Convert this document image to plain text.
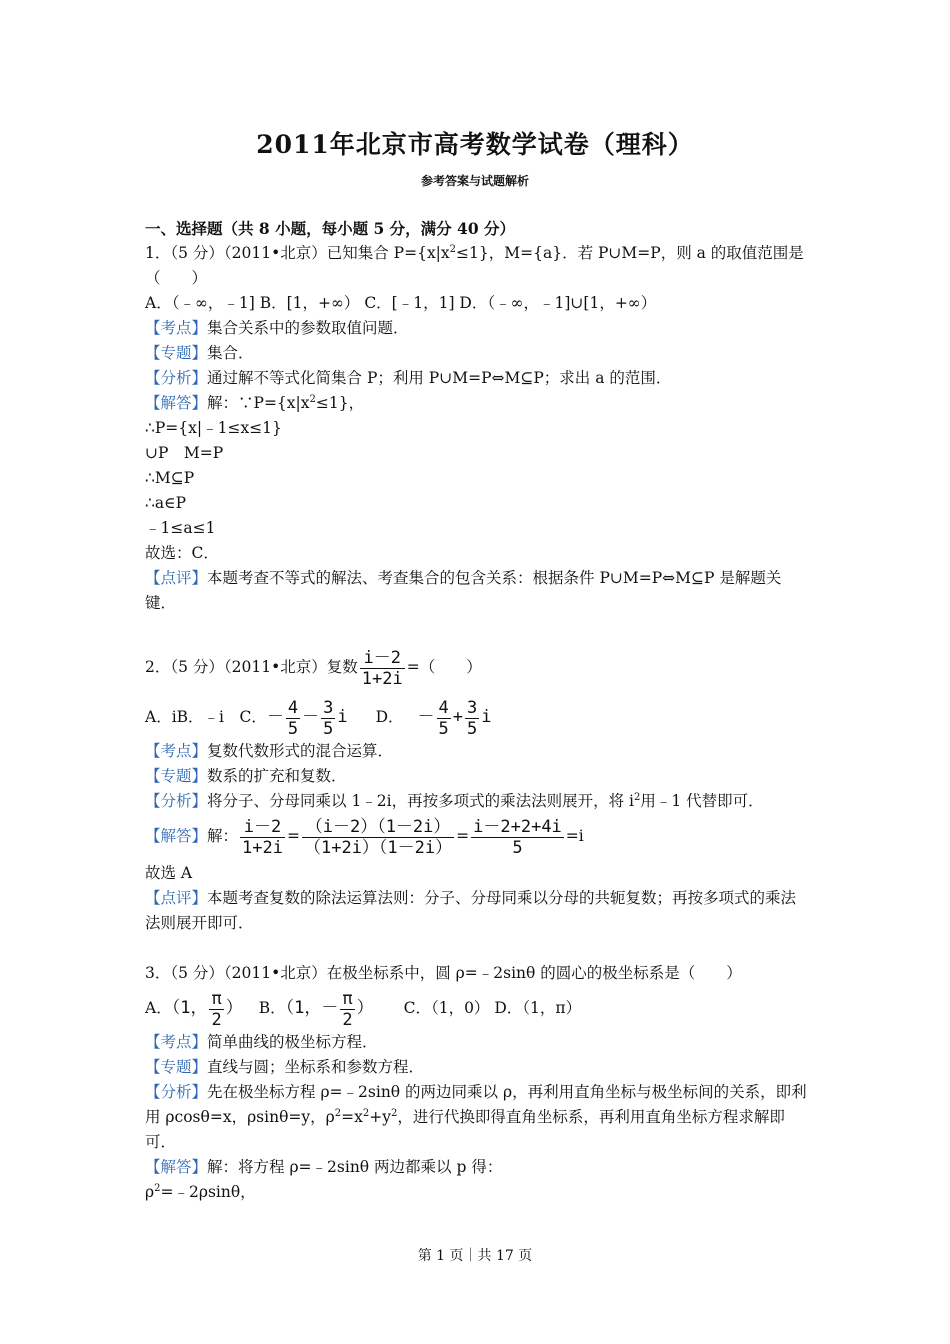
2011年北京市高考数学试卷（理科）
参考答案与试题解析
一、选择题（共 8 小题，每小题 5 分，满分 40 分）
1．（5 分）（2011•北京）已知集合 $P=\{x|x^2\le 1\}$，M={a}．若 P∪M=P，则 a 的取值范围是
（　　）
A．（﹣∞，﹣1] B．[1，+∞） C．[﹣1，1] D．（﹣∞，﹣1]∪[1，+∞）
【考点】集合关系中的参数取值问题．
【专题】集合．
【分析】通过解不等式化简集合 P；利用 P∪M=P⇔M⊆P；求出 a 的范围．
【解答】解：$\because P=\{x|x^2\le 1\}$，
∴P={x|﹣1≤x≤1}
∪P　M=P
∴M⊆P
∴a∈P
﹣1≤a≤1
故选：C．
【点评】本题考查不等式的解法、考查集合的包含关系：根据条件 P∪M=P⇔M⊆P 是解题关键．
2．（5 分）（2011•北京）复数 $\frac{i-2}{1+2i}$ =（　　）
A．iB．﹣i　C．－ $\frac{4}{5} - \frac{3}{5}$ i D． － $\frac{4}{5} + \frac{3}{5}$ i
【考点】复数代数形式的混合运算．
【专题】数系的扩充和复数．
【分析】将分子、分母同乘以 1﹣2i，再按多项式的乘法法则展开，将 $i^2$用﹣1 代替即可．
【解答】解： $\frac{i-2}{1+2i} = \frac{(i-2)(1-2i)}{(1+2i)(1-2i)} = \frac{i-2+2+4i}{5} =i$
故选 A
【点评】本题考查复数的除法运算法则：分子、分母同乘以分母的共轭复数；再按多项式的乘法法则展开即可．
3．（5 分）（2011•北京）在极坐标系中，圆 ρ=﹣2sinθ 的圆心的极坐标系是（　　）
A．（1， $\frac{\pi}{2}$ ） B．（1，－ $\frac{\pi}{2}$ ） C．（1，0） D．（1，π）
【考点】简单曲线的极坐标方程．
【专题】直线与圆；坐标系和参数方程．
【分析】先在极坐标方程 ρ=﹣2sinθ 的两边同乘以 ρ，再利用直角坐标与极坐标间的关系，即利用 ρcosθ=x，ρsinθ=y，$\rho^2=x^2+y^2$，进行代换即得直角坐标系，再利用直角坐标方程求解即可．
【解答】解：将方程 ρ=﹣2sinθ 两边都乘以 p 得：
$\rho^2=﹣2\rho\sin\theta$，
第 1 页｜共 17 页
